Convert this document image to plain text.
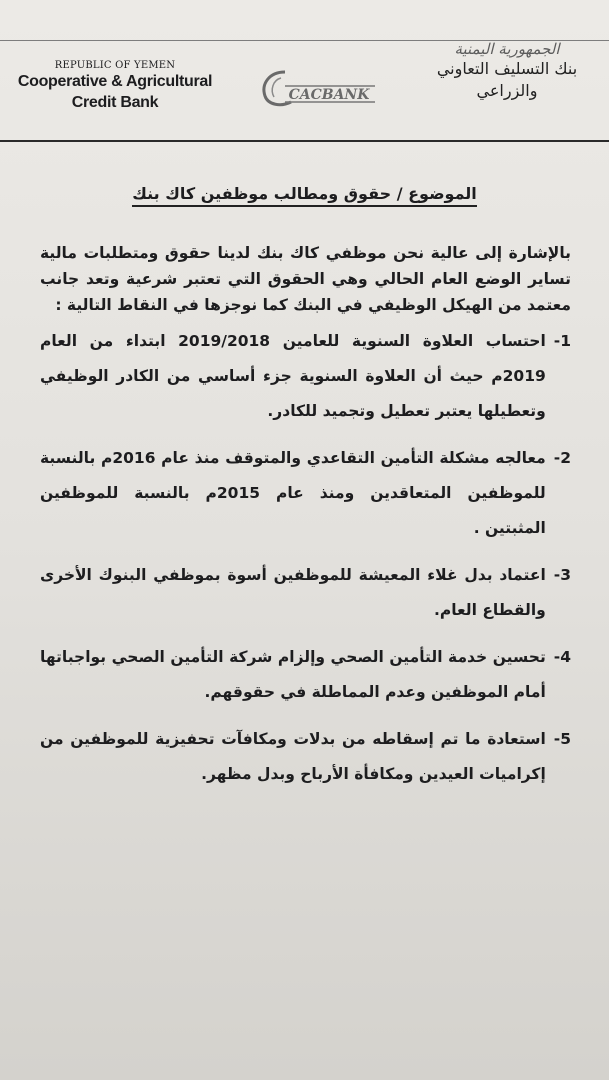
REPUBLIC OF YEMEN
Cooperative & Agricultural
Credit Bank	CACBANK
الجمهورية اليمنية
بنك التسليف التعاوني
والزراعي
الموضوع / حقوق ومطالب موظفين كاك بنك

بالإشارة إلى عالية نحن موظفي كاك بنك لدينا حقوق ومتطلبات مالية تساير الوضع العام الحالي وهي الحقوق التي تعتبر شرعية وتعد جانب معتمد من الهيكل الوظيفي في البنك كما نوجزها في النقاط التالية :

1-
احتساب العلاوة السنوية للعامين 2019/2018 ابتداء من العام 2019م حيث أن العلاوة السنوية جزء أساسي من الكادر الوظيفي وتعطيلها يعتبر تعطيل وتجميد للكادر.
2-
معالجه مشكلة التأمين التقاعدي والمتوقف منذ عام 2016م بالنسبة للموظفين المتعاقدين ومنذ عام 2015م بالنسبة للموظفين المثبتين .
3-
اعتماد بدل غلاء المعيشة للموظفين أسوة بموظفي البنوك الأخرى والقطاع العام.
4-
تحسين خدمة التأمين الصحي وإلزام شركة التأمين الصحي بواجباتها أمام الموظفين وعدم المماطلة في حقوقهم.
5-
استعادة ما تم إسقاطه من بدلات ومكافآت تحفيزية للموظفين من إكراميات العيدين ومكافأة الأرباح وبدل مظهر.
